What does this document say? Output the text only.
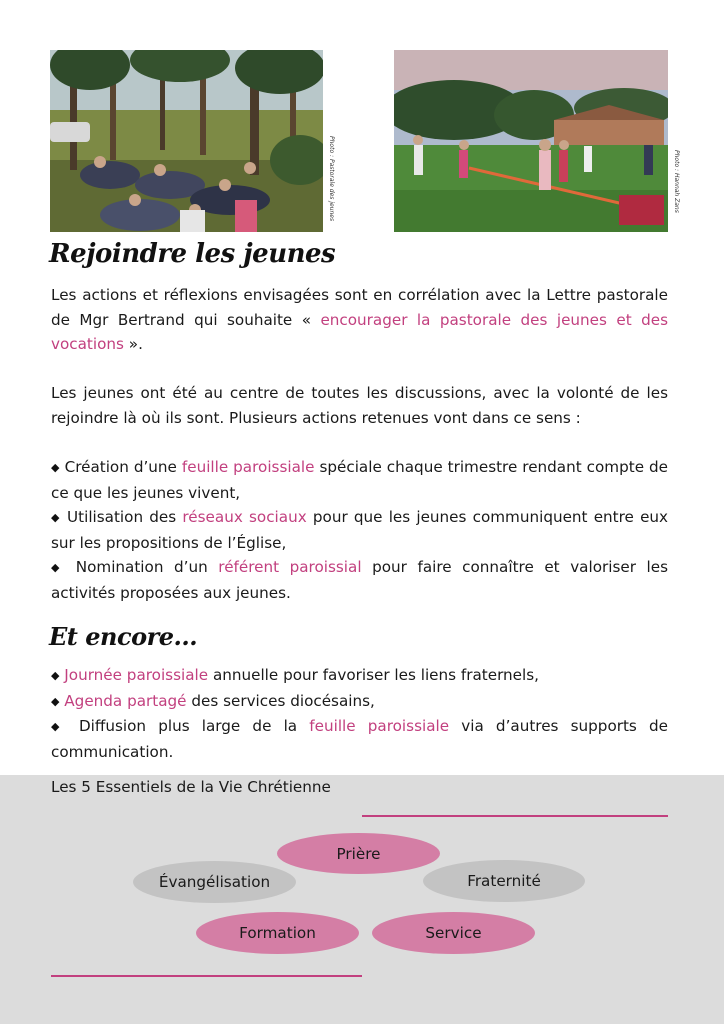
Photo : Pastorale des jeunes	Photo : Hannah Zans
Rejoindre les jeunes
Les actions et réflexions envisagées sont en corrélation avec la Lettre pastorale de Mgr Bertrand qui souhaite « encourager la pastorale des jeunes et des vocations ».
Les jeunes ont été au centre de toutes les discussions, avec la volonté de les rejoindre là où ils sont. Plusieurs actions retenues vont dans ce sens :
◆ Création d’une feuille paroissiale spéciale chaque trimestre rendant compte de ce que les jeunes vivent,
◆ Utilisation des réseaux sociaux pour que les jeunes communiquent entre eux sur les propositions de l’Église,
◆ Nomination d’un référent paroissial pour faire connaître et valoriser les activités proposées aux jeunes.
Et encore...
◆ Journée paroissiale annuelle pour favoriser les liens fraternels,
◆ Agenda partagé des services diocésains,
◆ Diffusion plus large de la feuille paroissiale via d’autres supports de communication.
Les 5 Essentiels de la Vie Chrétienne
Prière
Évangélisation	Fraternité
Formation	Service
